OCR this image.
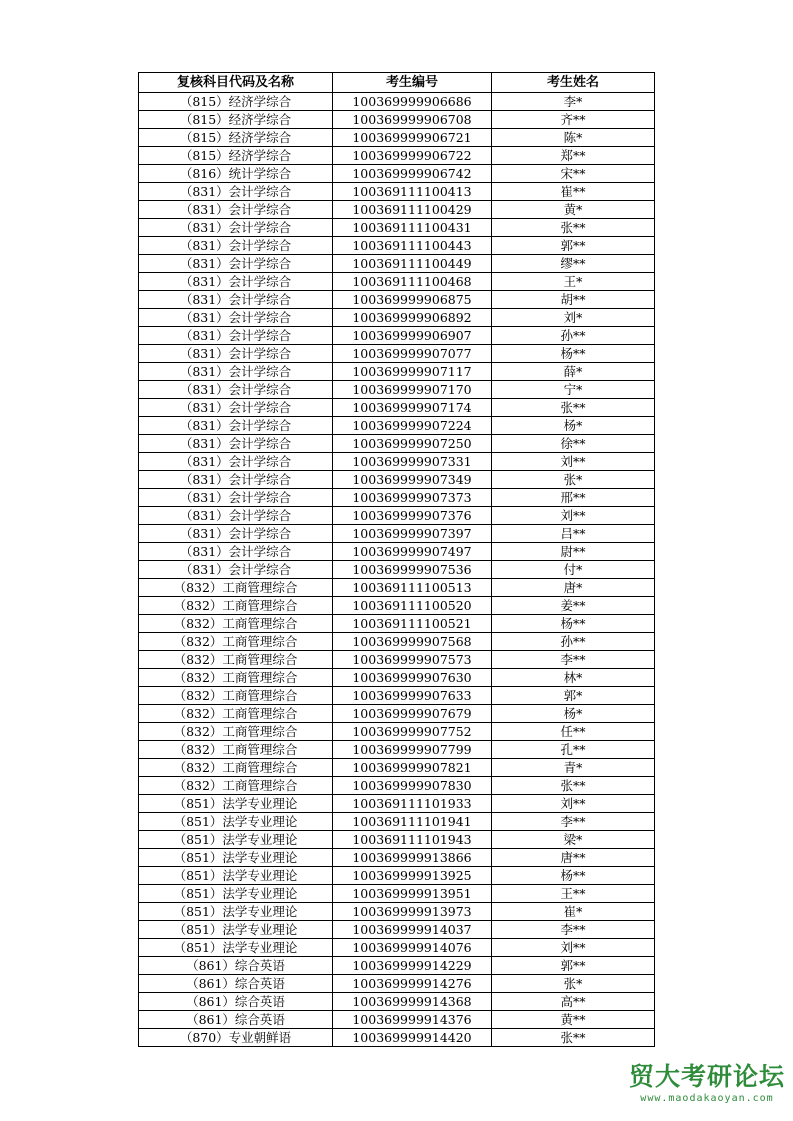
复核科目代码及名称	考生编号	考生姓名
（815）经济学综合	100369999906686	李*
（815）经济学综合	100369999906708	齐**
（815）经济学综合	100369999906721	陈*
（815）经济学综合	100369999906722	郑**
（816）统计学综合	100369999906742	宋**
（831）会计学综合	100369111100413	崔**
（831）会计学综合	100369111100429	黄*
（831）会计学综合	100369111100431	张**
（831）会计学综合	100369111100443	郭**
（831）会计学综合	100369111100449	缪**
（831）会计学综合	100369111100468	王*
（831）会计学综合	100369999906875	胡**
（831）会计学综合	100369999906892	刘*
（831）会计学综合	100369999906907	孙**
（831）会计学综合	100369999907077	杨**
（831）会计学综合	100369999907117	薛*
（831）会计学综合	100369999907170	宁*
（831）会计学综合	100369999907174	张**
（831）会计学综合	100369999907224	杨*
（831）会计学综合	100369999907250	徐**
（831）会计学综合	100369999907331	刘**
（831）会计学综合	100369999907349	张*
（831）会计学综合	100369999907373	邢**
（831）会计学综合	100369999907376	刘**
（831）会计学综合	100369999907397	吕**
（831）会计学综合	100369999907497	尉**
（831）会计学综合	100369999907536	付*
（832）工商管理综合	100369111100513	唐*
（832）工商管理综合	100369111100520	姜**
（832）工商管理综合	100369111100521	杨**
（832）工商管理综合	100369999907568	孙**
（832）工商管理综合	100369999907573	李**
（832）工商管理综合	100369999907630	林*
（832）工商管理综合	100369999907633	郭*
（832）工商管理综合	100369999907679	杨*
（832）工商管理综合	100369999907752	任**
（832）工商管理综合	100369999907799	孔**
（832）工商管理综合	100369999907821	青*
（832）工商管理综合	100369999907830	张**
（851）法学专业理论	100369111101933	刘**
（851）法学专业理论	100369111101941	李**
（851）法学专业理论	100369111101943	梁*
（851）法学专业理论	100369999913866	唐**
（851）法学专业理论	100369999913925	杨**
（851）法学专业理论	100369999913951	王**
（851）法学专业理论	100369999913973	崔*
（851）法学专业理论	100369999914037	李**
（851）法学专业理论	100369999914076	刘**
（861）综合英语	100369999914229	郭**
（861）综合英语	100369999914276	张*
（861）综合英语	100369999914368	高**
（861）综合英语	100369999914376	黄**
（870）专业朝鲜语	100369999914420	张**
贸大考研论坛
www.maodakaoyan.com
